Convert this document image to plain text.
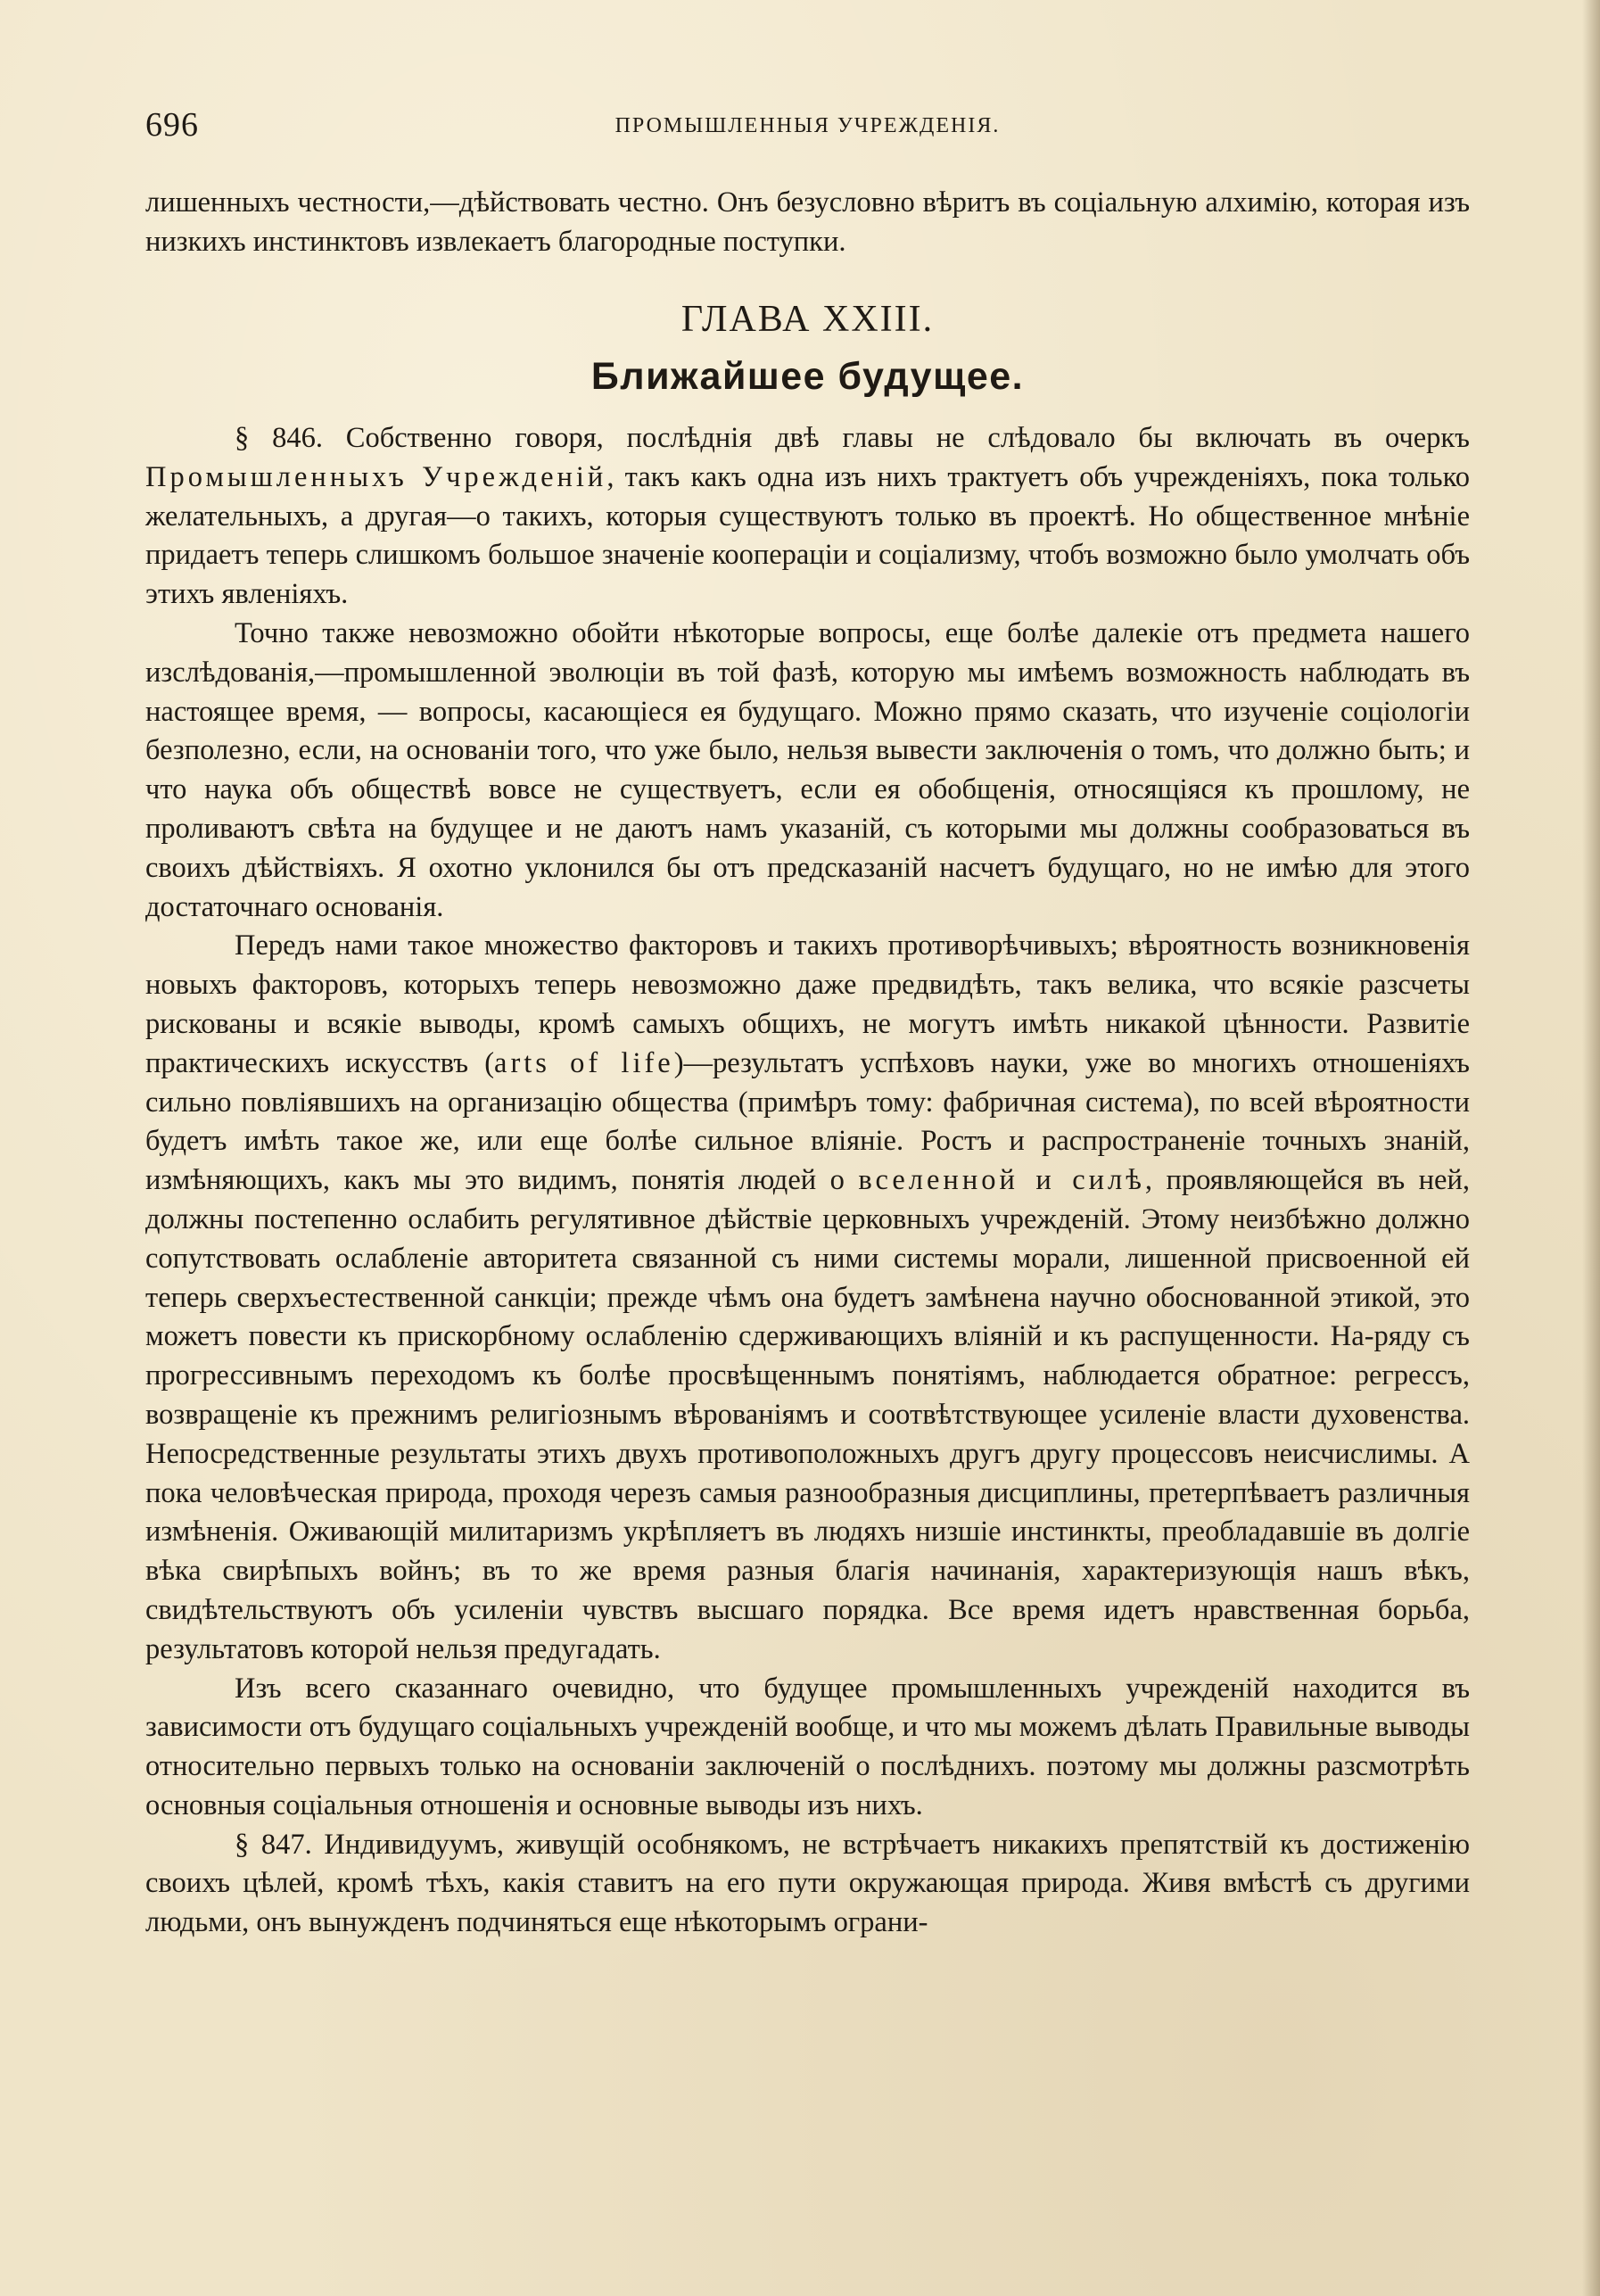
696	ПРОМЫШЛЕННЫЯ УЧРЕЖДЕНІЯ.

лишенныхъ честности,—дѣйствовать честно. Онъ безусловно вѣритъ въ соціальную алхимію, которая изъ низкихъ инстинктовъ извлекаетъ благородные поступки.

ГЛАВА XXIII.
Ближайшее будущее.

§ 846. Собственно говоря, послѣднія двѣ главы не слѣдовало бы включать въ очеркъ Промышленныхъ Учрежденій, такъ какъ одна изъ нихъ трактуетъ объ учрежденіяхъ, пока только желательныхъ, а другая—о такихъ, которыя существуютъ только въ проектѣ. Но общественное мнѣніе придаетъ теперь слишкомъ большое значеніе коопераціи и соціализму, чтобъ возможно было умолчать объ этихъ явленіяхъ.

Точно также невозможно обойти нѣкоторые вопросы, еще болѣе далекіе отъ предмета нашего изслѣдованія,—промышленной эволюціи въ той фазѣ, которую мы имѣемъ возможность наблюдать въ настоящее время, — вопросы, касающіеся ея будущаго. Можно прямо сказать, что изученіе соціологіи безполезно, если, на основаніи того, что уже было, нельзя вывести заключенія о томъ, что должно быть; и что наука объ обществѣ вовсе не существуетъ, если ея обобщенія, относящіяся къ прошлому, не проливаютъ свѣта на будущее и не даютъ намъ указаній, съ которыми мы должны сообразоваться въ своихъ дѣйствіяхъ. Я охотно уклонился бы отъ предсказаній насчетъ будущаго, но не имѣю для этого достаточнаго основанія.

Передъ нами такое множество факторовъ и такихъ противорѣчивыхъ; вѣроятность возникновенія новыхъ факторовъ, которыхъ теперь невозможно даже предвидѣть, такъ велика, что всякіе разсчеты рискованы и всякіе выводы, кромѣ самыхъ общихъ, не могутъ имѣть никакой цѣнности. Развитіе практическихъ искусствъ (arts of life)—результатъ успѣховъ науки, уже во многихъ отношеніяхъ сильно повліявшихъ на организацію общества (примѣръ тому: фабричная система), по всей вѣроятности будетъ имѣть такое же, или еще болѣе сильное вліяніе. Ростъ и распространеніе точныхъ знаній, измѣняющихъ, какъ мы это видимъ, понятія людей о вселенной и силѣ, проявляющейся въ ней, должны постепенно ослабить регулятивное дѣйствіе церковныхъ учрежденій. Этому неизбѣжно должно сопутствовать ослабленіе авторитета связанной съ ними системы морали, лишенной присвоенной ей теперь сверхъестественной санкціи; прежде чѣмъ она будетъ замѣнена научно обоснованной этикой, это можетъ повести къ прискорбному ослабленію сдерживающихъ вліяній и къ распущенности. На-ряду съ прогрессивнымъ переходомъ къ болѣе просвѣщеннымъ понятіямъ, наблюдается обратное: регрессъ, возвращеніе къ прежнимъ религіознымъ вѣрованіямъ и соотвѣтствующее усиленіе власти духовенства. Непосредственные результаты этихъ двухъ противоположныхъ другъ другу процессовъ неисчислимы. А пока человѣческая природа, проходя черезъ самыя разнообразныя дисциплины, претерпѣваетъ различныя измѣненія. Оживающій милитаризмъ укрѣпляетъ въ людяхъ низшіе инстинкты, преобладавшіе въ долгіе вѣка свирѣпыхъ войнъ; въ то же время разныя благія начинанія, характеризующія нашъ вѣкъ, свидѣтельствуютъ объ усиленіи чувствъ высшаго порядка. Все время идетъ нравственная борьба, результатовъ которой нельзя предугадать.

Изъ всего сказаннаго очевидно, что будущее промышленныхъ учрежденій находится въ зависимости отъ будущаго соціальныхъ учрежденій вообще, и что мы можемъ дѣлать Правильные выводы относительно первыхъ только на основаніи заключеній о послѣднихъ. поэтому мы должны разсмотрѣть основныя соціальныя отношенія и основные выводы изъ нихъ.

§ 847. Индивидуумъ, живущій особнякомъ, не встрѣчаетъ никакихъ препятствій къ достиженію своихъ цѣлей, кромѣ тѣхъ, какія ставитъ на его пути окружающая природа. Живя вмѣстѣ съ другими людьми, онъ вынужденъ подчиняться еще нѣкоторымъ ограни-
